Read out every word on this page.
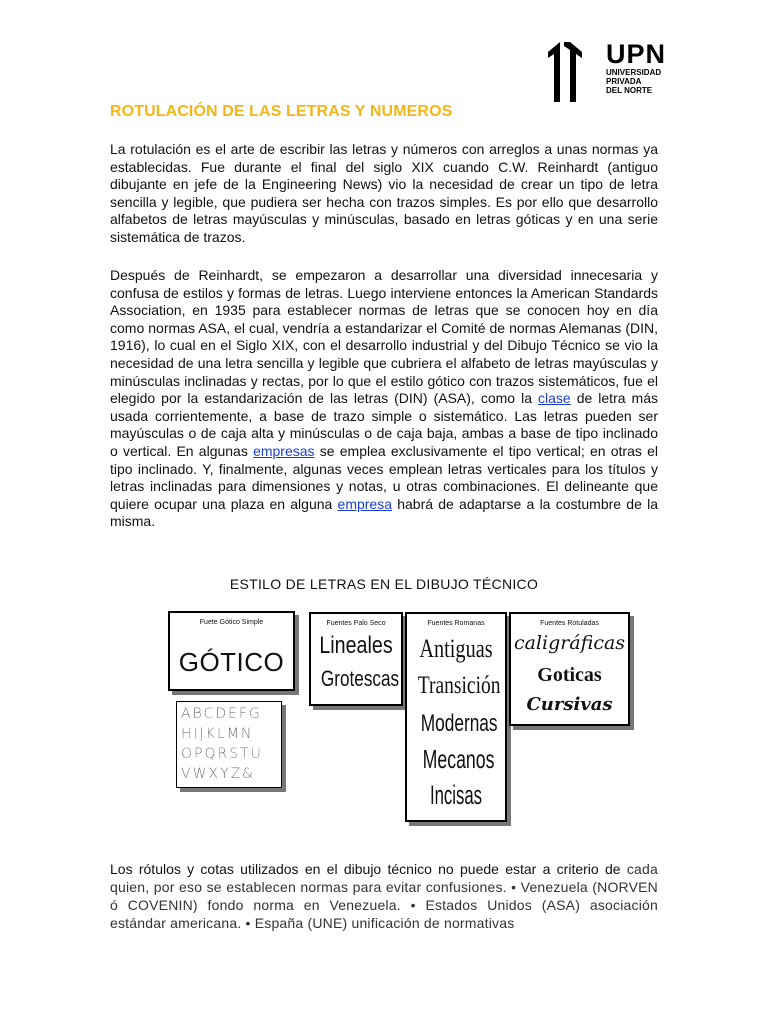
UPN
UNIVERSIDAD
PRIVADA
DEL NORTE
ROTULACIÓN DE LAS LETRAS Y NUMEROS

La rotulación es el arte de escribir las letras y números con arreglos a unas normas ya establecidas. Fue durante el final del siglo XIX cuando C.W. Reinhardt (antiguo dibujante en jefe de la Engineering News) vio la necesidad de crear un tipo de letra sencilla y legible, que pudiera ser hecha con trazos simples. Es por ello que desarrollo alfabetos de letras mayúsculas y minúsculas, basado en letras góticas y en una serie sistemática de trazos.

Después de Reinhardt, se empezaron a desarrollar una diversidad innecesaria y confusa de estilos y formas de letras. Luego interviene entonces la American Standards Association, en 1935 para establecer normas de letras que se conocen hoy en día como normas ASA, el cual, vendría a estandarizar el Comité de normas Alemanas (DIN, 1916), lo cual en el Siglo XIX, con el desarrollo industrial y del Dibujo Técnico se vio la necesidad de una letra sencilla y legible que cubriera el alfabeto de letras mayúsculas y minúsculas inclinadas y rectas, por lo que el estilo gótico con trazos sistemáticos, fue el elegido por la estandarización de las letras (DIN) (ASA), como la clase de letra más usada corrientemente, a base de trazo simple o sistemático. Las letras pueden ser mayúsculas o de caja alta y minúsculas o de caja baja, ambas a base de tipo inclinado o vertical. En algunas empresas se emplea exclusivamente el tipo vertical; en otras el tipo inclinado. Y, finalmente, algunas veces emplean letras verticales para los títulos y letras inclinadas para dimensiones y notas, u otras combinaciones. El delineante que quiere ocupar una plaza en alguna empresa habrá de adaptarse a la costumbre de la misma.

ESTILO DE LETRAS EN EL DIBUJO TÉCNICO
Fuete Gótico Simple
GÓTICO
ABCDEFG
HIJKLMN
OPQRSTU
VWXYZ&
Fuentes Palo Seco
Lineales
Grotescas
Fuentes Romanas
Antiguas
Transición
Modernas
Mecanos
Incisas
Fuentes Rotuladas
caligráficas
Goticas
Cursivas

Los rótulos y cotas utilizados en el dibujo técnico no puede estar a criterio de cada quien, por eso se establecen normas para evitar confusiones. • Venezuela (NORVEN ó COVENIN) fondo norma en Venezuela. • Estados Unidos (ASA) asociación estándar americana. • España (UNE) unificación de normativas
